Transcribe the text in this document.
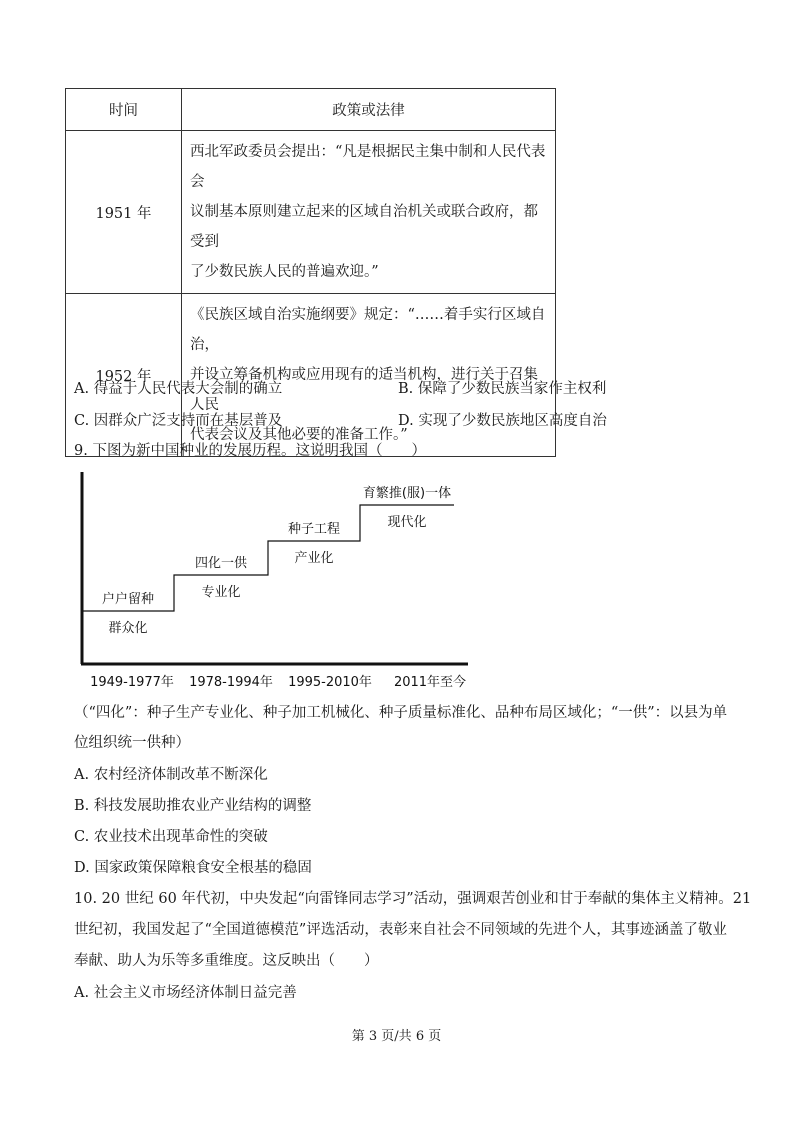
时间	政策或法律
1951 年	西北军政委员会提出：“凡是根据民主集中制和人民代表会
议制基本原则建立起来的区域自治机关或联合政府，都受到
了少数民族人民的普遍欢迎。”

1952 年	《民族区域自治实施纲要》规定：“……着手实行区域自治，
并设立筹备机构或应用现有的适当机构，进行关于召集人民
代表会议及其他必要的准备工作。”
A. 得益于人民代表大会制的确立	B. 保障了少数民族当家作主权利
C. 因群众广泛支持而在基层普及	D. 实现了少数民族地区高度自治
9. 下图为新中国种业的发展历程。这说明我国（　　）
户户留种
群众化
1949-1977年
四化一供
专业化
1978-1994年
种子工程
产业化
1995-2010年
育繁推(服)一体
现代化
2011年至今
（“四化”：种子生产专业化、种子加工机械化、种子质量标准化、品种布局区域化；“一供”：以县为单
位组织统一供种）
A. 农村经济体制改革不断深化
B. 科技发展助推农业产业结构的调整
C. 农业技术出现革命性的突破
D. 国家政策保障粮食安全根基的稳固
10. 20 世纪 60 年代初，中央发起“向雷锋同志学习”活动，强调艰苦创业和甘于奉献的集体主义精神。21
世纪初，我国发起了“全国道德模范”评选活动，表彰来自社会不同领域的先进个人，其事迹涵盖了敬业
奉献、助人为乐等多重维度。这反映出（　　）
A. 社会主义市场经济体制日益完善
第 3 页/共 6 页
